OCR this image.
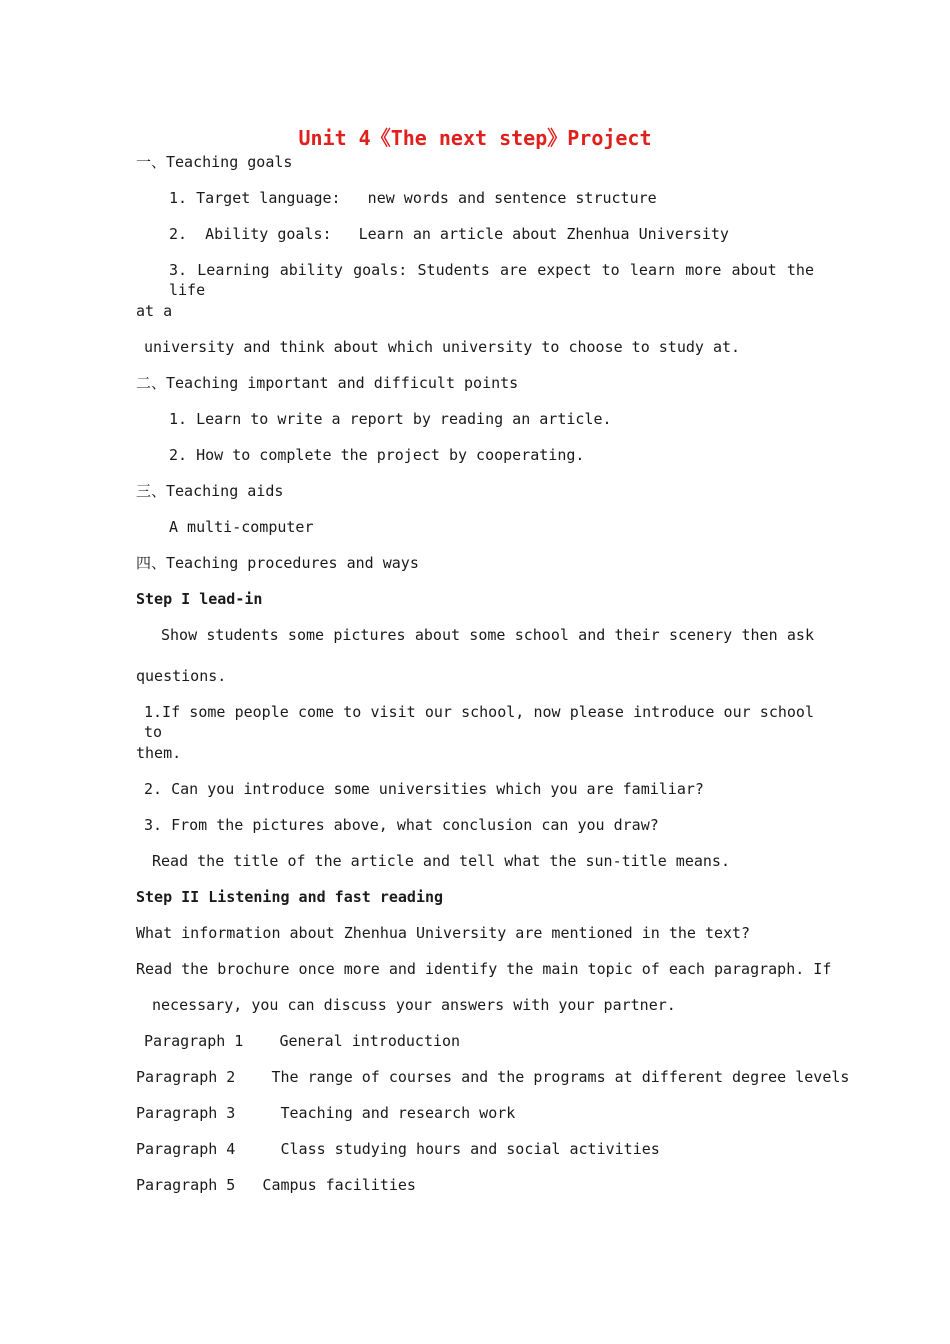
Unit 4《The next step》Project
一、Teaching goals
1. Target language:   new words and sentence structure
2.  Ability goals:   Learn an article about Zhenhua University
3. Learning ability goals: Students are expect to learn more about the life
at a
university and think about which university to choose to study at.
二、Teaching important and difficult points
1. Learn to write a report by reading an article.
2. How to complete the project by cooperating.
三、Teaching aids
A multi-computer
四、Teaching procedures and ways
Step I lead-in
Show students some pictures about some school and their scenery then ask
questions.
1.If some people come to visit our school, now please introduce our school to
them.
2. Can you introduce some universities which you are familiar?
3. From the pictures above, what conclusion can you draw?
Read the title of the article and tell what the sun-title means.
Step II Listening and fast reading
What information about Zhenhua University are mentioned in the text?
Read the brochure once more and identify the main topic of each paragraph. If
necessary, you can discuss your answers with your partner.
Paragraph 1    General introduction
Paragraph 2    The range of courses and the programs at different degree levels
Paragraph 3     Teaching and research work
Paragraph 4     Class studying hours and social activities
Paragraph 5   Campus facilities
